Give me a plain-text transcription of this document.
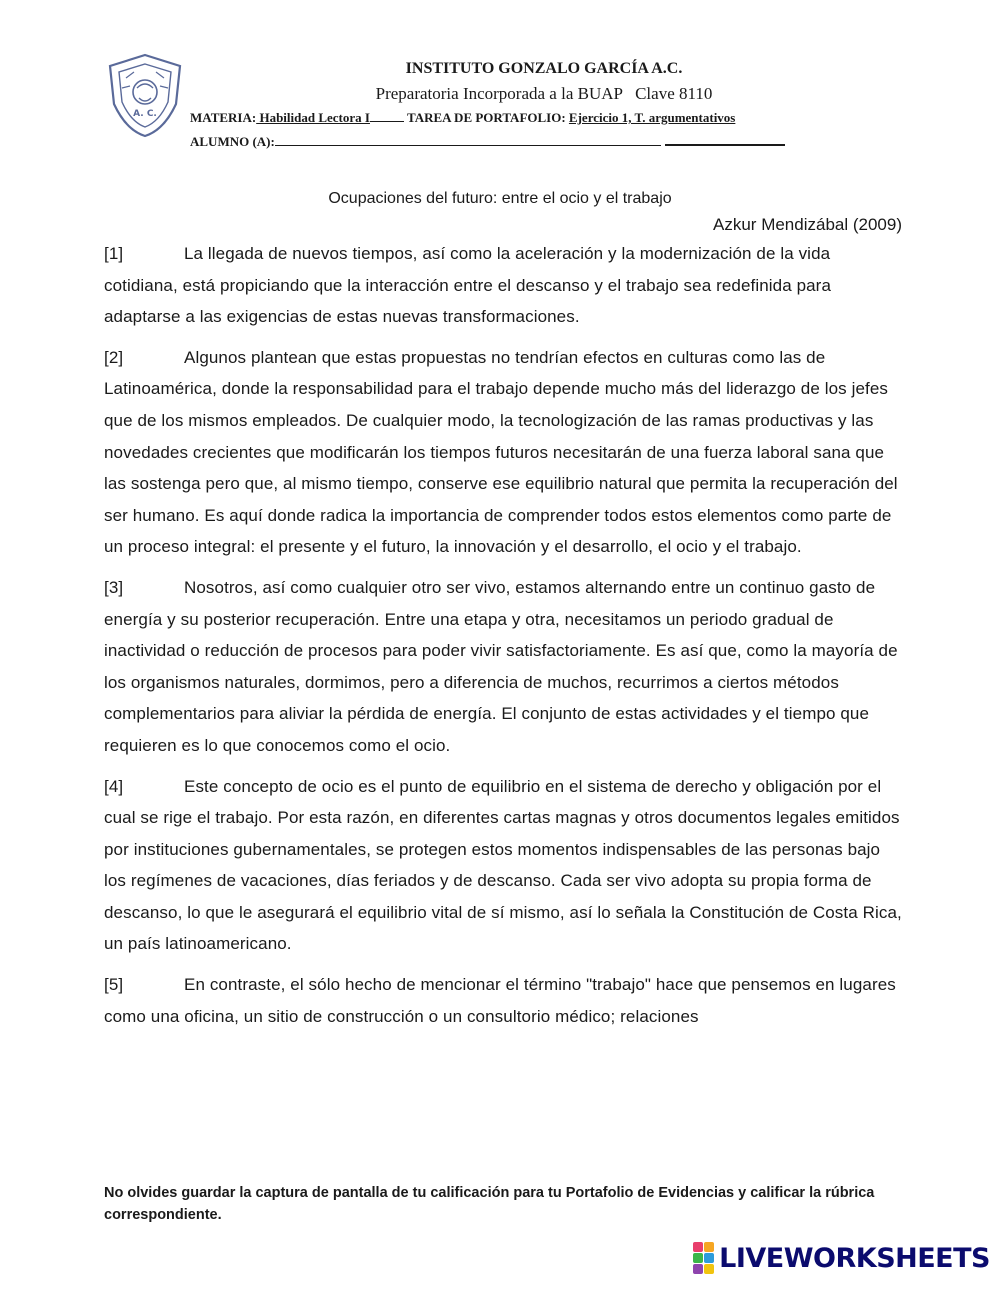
A. C.
INSTITUTO GONZALO GARCÍA A.C.
Preparatoria Incorporada a la BUAP   Clave 8110
MATERIA: Habilidad Lectora I	TAREA DE PORTAFOLIO: Ejercicio 1, T. argumentativos
ALUMNO (A):
Ocupaciones del futuro: entre el ocio y el trabajo
Azkur Mendizábal (2009)

[1]	La llegada de nuevos tiempos, así como la aceleración y la modernización de la vida cotidiana, está propiciando que la interacción entre el descanso y el trabajo sea redefinida para adaptarse a las exigencias de estas nuevas transformaciones.

[2]	Algunos plantean que estas propuestas no tendrían efectos en culturas como las de Latinoamérica, donde la responsabilidad para el trabajo depende mucho más del liderazgo de los jefes que de los mismos empleados. De cualquier modo, la tecnologización de las ramas productivas y las novedades crecientes que modificarán los tiempos futuros necesitarán de una fuerza laboral sana que las sostenga pero que, al mismo tiempo, conserve ese equilibrio natural que permita la recuperación del ser humano. Es aquí donde radica la importancia de comprender todos estos elementos como parte de un proceso integral: el presente y el futuro, la innovación y el desarrollo, el ocio y el trabajo.

[3]	Nosotros, así como cualquier otro ser vivo, estamos alternando entre un continuo gasto de energía y su posterior recuperación. Entre una etapa y otra, necesitamos un periodo gradual de inactividad o reducción de procesos para poder vivir satisfactoriamente. Es así que, como la mayoría de los organismos naturales, dormimos, pero a diferencia de muchos, recurrimos a ciertos métodos complementarios para aliviar la pérdida de energía. El conjunto de estas actividades y el tiempo que requieren es lo que conocemos como el ocio.

[4]	Este concepto de ocio es el punto de equilibrio en el sistema de derecho y obligación por el cual se rige el trabajo. Por esta razón, en diferentes cartas magnas y otros documentos legales emitidos por instituciones gubernamentales, se protegen estos momentos indispensables de las personas bajo los regímenes de vacaciones, días feriados y de descanso. Cada ser vivo adopta su propia forma de descanso, lo que le asegurará el equilibrio vital de sí mismo, así lo señala la Constitución de Costa Rica, un país latinoamericano.

[5]	En contraste, el sólo hecho de mencionar el término "trabajo" hace que pensemos en lugares como una oficina, un sitio de construcción o un consultorio médico; relaciones

No olvides guardar la captura de pantalla de tu calificación para tu Portafolio de Evidencias y calificar la rúbrica correspondiente.
LIVEWORKSHEETS
